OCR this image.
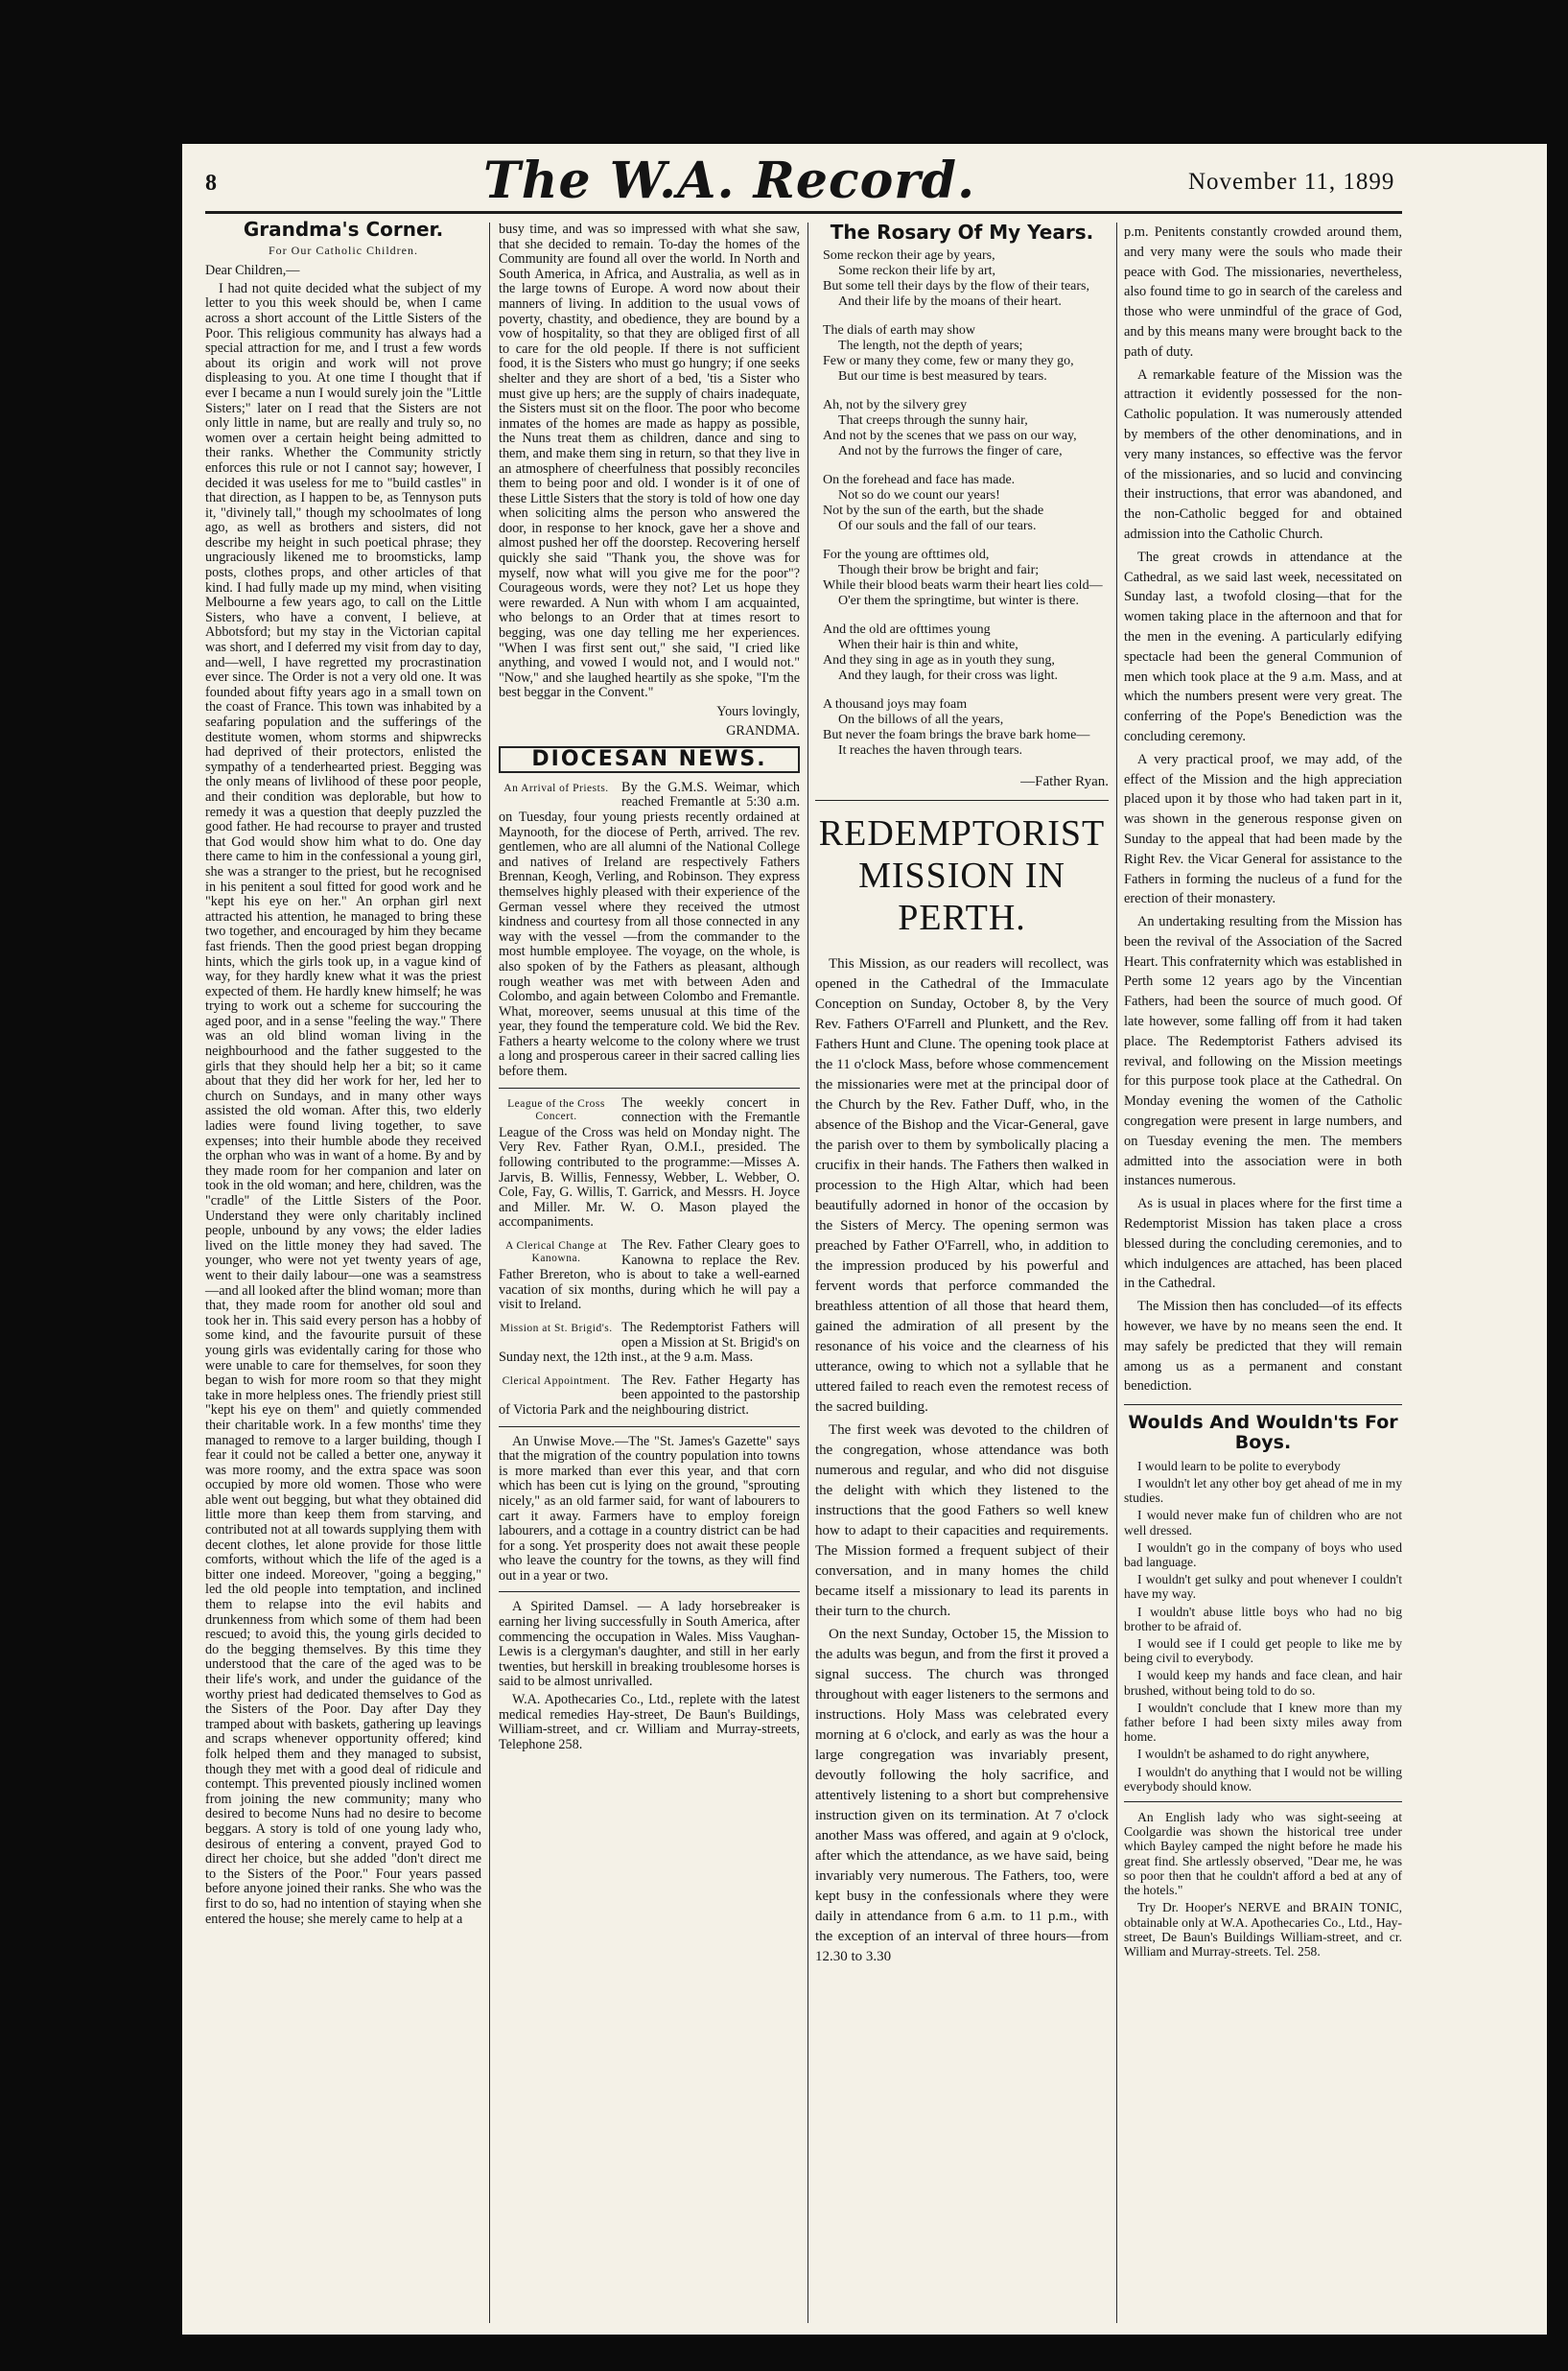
8	The W.A. Record.	November 11, 1899
Grandma's Corner.
For Our Catholic Children.

Dear Children,—

I had not quite decided what the subject of my letter to you this week should be, when I came across a short account of the Little Sisters of the Poor. This religious community has always had a special attraction for me, and I trust a few words about its origin and work will not prove displeasing to you. At one time I thought that if ever I became a nun I would surely join the "Little Sisters;" later on I read that the Sisters are not only little in name, but are really and truly so, no women over a certain height being admitted to their ranks. Whether the Community strictly enforces this rule or not I cannot say; however, I decided it was useless for me to "build castles" in that direction, as I happen to be, as Tennyson puts it, "divinely tall," though my schoolmates of long ago, as well as brothers and sisters, did not describe my height in such poetical phrase; they ungraciously likened me to broomsticks, lamp posts, clothes props, and other articles of that kind. I had fully made up my mind, when visiting Melbourne a few years ago, to call on the Little Sisters, who have a convent, I believe, at Abbotsford; but my stay in the Victorian capital was short, and I deferred my visit from day to day, and—well, I have regretted my procrastination ever since. The Order is not a very old one. It was founded about fifty years ago in a small town on the coast of France. This town was inhabited by a seafaring population and the sufferings of the destitute women, whom storms and shipwrecks had deprived of their protectors, enlisted the sympathy of a tenderhearted priest. Begging was the only means of livlihood of these poor people, and their condition was deplorable, but how to remedy it was a question that deeply puzzled the good father. He had recourse to prayer and trusted that God would show him what to do. One day there came to him in the confessional a young girl, she was a stranger to the priest, but he recognised in his penitent a soul fitted for good work and he "kept his eye on her." An orphan girl next attracted his attention, he managed to bring these two together, and encouraged by him they became fast friends. Then the good priest began dropping hints, which the girls took up, in a vague kind of way, for they hardly knew what it was the priest expected of them. He hardly knew himself; he was trying to work out a scheme for succouring the aged poor, and in a sense "feeling the way." There was an old blind woman living in the neighbourhood and the father suggested to the girls that they should help her a bit; so it came about that they did her work for her, led her to church on Sundays, and in many other ways assisted the old woman. After this, two elderly ladies were found living together, to save expenses; into their humble abode they received the orphan who was in want of a home. By and by they made room for her companion and later on took in the old woman; and here, children, was the "cradle" of the Little Sisters of the Poor. Understand they were only charitably inclined people, unbound by any vows; the elder ladies lived on the little money they had saved. The younger, who were not yet twenty years of age, went to their daily labour—one was a seamstress—and all looked after the blind woman; more than that, they made room for another old soul and took her in. This said every person has a hobby of some kind, and the favourite pursuit of these young girls was evidentally caring for those who were unable to care for themselves, for soon they began to wish for more room so that they might take in more helpless ones. The friendly priest still "kept his eye on them" and quietly commended their charitable work. In a few months' time they managed to remove to a larger building, though I fear it could not be called a better one, anyway it was more roomy, and the extra space was soon occupied by more old women. Those who were able went out begging, but what they obtained did little more than keep them from starving, and contributed not at all towards supplying them with decent clothes, let alone provide for those little comforts, without which the life of the aged is a bitter one indeed. Moreover, "going a begging," led the old people into temptation, and inclined them to relapse into the evil habits and drunkenness from which some of them had been rescued; to avoid this, the young girls decided to do the begging themselves. By this time they understood that the care of the aged was to be their life's work, and under the guidance of the worthy priest had dedicated themselves to God as the Sisters of the Poor. Day after Day they tramped about with baskets, gathering up leavings and scraps whenever opportunity offered; kind folk helped them and they managed to subsist, though they met with a good deal of ridicule and contempt. This prevented piously inclined women from joining the new community; many who desired to become Nuns had no desire to become beggars. A story is told of one young lady who, desirous of entering a convent, prayed God to direct her choice, but she added "don't direct me to the Sisters of the Poor." Four years passed before anyone joined their ranks. She who was the first to do so, had no intention of staying when she entered the house; she merely came to help at a

busy time, and was so impressed with what she saw, that she decided to remain. To-day the homes of the Community are found all over the world. In North and South America, in Africa, and Australia, as well as in the large towns of Europe. A word now about their manners of living. In addition to the usual vows of poverty, chastity, and obedience, they are bound by a vow of hospitality, so that they are obliged first of all to care for the old people. If there is not sufficient food, it is the Sisters who must go hungry; if one seeks shelter and they are short of a bed, 'tis a Sister who must give up hers; are the supply of chairs inadequate, the Sisters must sit on the floor. The poor who become inmates of the homes are made as happy as possible, the Nuns treat them as children, dance and sing to them, and make them sing in return, so that they live in an atmosphere of cheerfulness that possibly reconciles them to being poor and old. I wonder is it of one of these Little Sisters that the story is told of how one day when soliciting alms the person who answered the door, in response to her knock, gave her a shove and almost pushed her off the doorstep. Recovering herself quickly she said "Thank you, the shove was for myself, now what will you give me for the poor"? Courageous words, were they not? Let us hope they were rewarded. A Nun with whom I am acquainted, who belongs to an Order that at times resort to begging, was one day telling me her experiences. "When I was first sent out," she said, "I cried like anything, and vowed I would not, and I would not." "Now," and she laughed heartily as she spoke, "I'm the best beggar in the Convent."

Yours lovingly,
GRANDMA.
DIOCESAN NEWS.
An Arrival of Priests. By the G.M.S. Weimar, which reached Fremantle at 5:30 a.m. on Tuesday, four young priests recently ordained at Maynooth, for the diocese of Perth, arrived. The rev. gentlemen, who are all alumni of the National College and natives of Ireland are respectively Fathers Brennan, Keogh, Verling, and Robinson. They express themselves highly pleased with their experience of the German vessel where they received the utmost kindness and courtesy from all those connected in any way with the vessel —from the commander to the most humble employee. The voyage, on the whole, is also spoken of by the Fathers as pleasant, although rough weather was met with between Aden and Colombo, and again between Colombo and Fremantle. What, moreover, seems unusual at this time of the year, they found the temperature cold. We bid the Rev. Fathers a hearty welcome to the colony where we trust a long and prosperous career in their sacred calling lies before them.
League of the Cross Concert.
The weekly concert in connection with the Fremantle League of the Cross was held on Monday night. The Very Rev. Father Ryan, O.M.I., presided. The following contributed to the programme:—Misses A. Jarvis, B. Willis, Fennessy, Webber, L. Webber, O. Cole, Fay, G. Willis, T. Garrick, and Messrs. H. Joyce and Miller. Mr. W. O. Mason played the accompaniments.
A Clerical Change at Kanowna.
The Rev. Father Cleary goes to Kanowna to replace the Rev. Father Brereton, who is about to take a well-earned vacation of six months, during which he will pay a visit to Ireland.
Mission at St. Brigid's. The Redemptorist Fathers will open a Mission at St. Brigid's on Sunday next, the 12th inst., at the 9 a.m. Mass.
Clerical Appointment. The Rev. Father Hegarty has been appointed to the pastorship of Victoria Park and the neighbouring district.

An Unwise Move.—The "St. James's Gazette" says that the migration of the country population into towns is more marked than ever this year, and that corn which has been cut is lying on the ground, "sprouting nicely," as an old farmer said, for want of labourers to cart it away. Farmers have to employ foreign labourers, and a cottage in a country district can be had for a song. Yet prosperity does not await these people who leave the country for the towns, as they will find out in a year or two.

A Spirited Damsel. — A lady horsebreaker is earning her living successfully in South America, after commencing the occupation in Wales. Miss Vaughan-Lewis is a clergyman's daughter, and still in her early twenties, but herskill in breaking troublesome horses is said to be almost unrivalled.

W.A. Apothecaries Co., Ltd., replete with the latest medical remedies Hay-street, De Baun's Buildings, William-street, and cr. William and Murray-streets, Telephone 258.

The Rosary Of My Years.
Some reckon their age by years,
Some reckon their life by art,
But some tell their days by the flow of their tears,
And their life by the moans of their heart.
The dials of earth may show
The length, not the depth of years;
Few or many they come, few or many they go,
But our time is best measured by tears.
Ah, not by the silvery grey
That creeps through the sunny hair,
And not by the scenes that we pass on our way,
And not by the furrows the finger of care,
On the forehead and face has made.
Not so do we count our years!
Not by the sun of the earth, but the shade
Of our souls and the fall of our tears.
For the young are ofttimes old,
Though their brow be bright and fair;
While their blood beats warm their heart lies cold—
O'er them the springtime, but winter is there.
And the old are ofttimes young
When their hair is thin and white,
And they sing in age as in youth they sung,
And they laugh, for their cross was light.
A thousand joys may foam
On the billows of all the years,
But never the foam brings the brave bark home—
It reaches the haven through tears.
—Father Ryan.
REDEMPTORIST MISSION IN PERTH.

This Mission, as our readers will recollect, was opened in the Cathedral of the Immaculate Conception on Sunday, October 8, by the Very Rev. Fathers O'Farrell and Plunkett, and the Rev. Fathers Hunt and Clune. The opening took place at the 11 o'clock Mass, before whose commencement the missionaries were met at the principal door of the Church by the Rev. Father Duff, who, in the absence of the Bishop and the Vicar-General, gave the parish over to them by symbolically placing a crucifix in their hands. The Fathers then walked in procession to the High Altar, which had been beautifully adorned in honor of the occasion by the Sisters of Mercy. The opening sermon was preached by Father O'Farrell, who, in addition to the impression produced by his powerful and fervent words that perforce commanded the breathless attention of all those that heard them, gained the admiration of all present by the resonance of his voice and the clearness of his utterance, owing to which not a syllable that he uttered failed to reach even the remotest recess of the sacred building.

The first week was devoted to the children of the congregation, whose attendance was both numerous and regular, and who did not disguise the delight with which they listened to the instructions that the good Fathers so well knew how to adapt to their capacities and requirements. The Mission formed a frequent subject of their conversation, and in many homes the child became itself a missionary to lead its parents in their turn to the church.

On the next Sunday, October 15, the Mission to the adults was begun, and from the first it proved a signal success. The church was thronged throughout with eager listeners to the sermons and instructions. Holy Mass was celebrated every morning at 6 o'clock, and early as was the hour a large congregation was invariably present, devoutly following the holy sacrifice, and attentively listening to a short but comprehensive instruction given on its termination. At 7 o'clock another Mass was offered, and again at 9 o'clock, after which the attendance, as we have said, being invariably very numerous. The Fathers, too, were kept busy in the confessionals where they were daily in attendance from 6 a.m. to 11 p.m., with the exception of an interval of three hours—from 12.30 to 3.30

p.m. Penitents constantly crowded around them, and very many were the souls who made their peace with God. The missionaries, nevertheless, also found time to go in search of the careless and those who were unmindful of the grace of God, and by this means many were brought back to the path of duty.

A remarkable feature of the Mission was the attraction it evidently possessed for the non-Catholic population. It was numerously attended by members of the other denominations, and in very many instances, so effective was the fervor of the missionaries, and so lucid and convincing their instructions, that error was abandoned, and the non-Catholic begged for and obtained admission into the Catholic Church.

The great crowds in attendance at the Cathedral, as we said last week, necessitated on Sunday last, a twofold closing—that for the women taking place in the afternoon and that for the men in the evening. A particularly edifying spectacle had been the general Communion of men which took place at the 9 a.m. Mass, and at which the numbers present were very great. The conferring of the Pope's Benediction was the concluding ceremony.

A very practical proof, we may add, of the effect of the Mission and the high appreciation placed upon it by those who had taken part in it, was shown in the generous response given on Sunday to the appeal that had been made by the Right Rev. the Vicar General for assistance to the Fathers in forming the nucleus of a fund for the erection of their monastery.

An undertaking resulting from the Mission has been the revival of the Association of the Sacred Heart. This confraternity which was established in Perth some 12 years ago by the Vincentian Fathers, had been the source of much good. Of late however, some falling off from it had taken place. The Redemptorist Fathers advised its revival, and following on the Mission meetings for this purpose took place at the Cathedral. On Monday evening the women of the Catholic congregation were present in large numbers, and on Tuesday evening the men. The members admitted into the association were in both instances numerous.

As is usual in places where for the first time a Redemptorist Mission has taken place a cross blessed during the concluding ceremonies, and to which indulgences are attached, has been placed in the Cathedral.

The Mission then has concluded—of its effects however, we have by no means seen the end. It may safely be predicted that they will remain among us as a permanent and constant benediction.

Woulds And Wouldn'ts For Boys.

I would learn to be polite to everybody

I wouldn't let any other boy get ahead of me in my studies.

I would never make fun of children who are not well dressed.

I wouldn't go in the company of boys who used bad language.

I wouldn't get sulky and pout whenever I couldn't have my way.

I wouldn't abuse little boys who had no big brother to be afraid of.

I would see if I could get people to like me by being civil to everybody.

I would keep my hands and face clean, and hair brushed, without being told to do so.

I wouldn't conclude that I knew more than my father before I had been sixty miles away from home.

I wouldn't be ashamed to do right anywhere,

I wouldn't do anything that I would not be willing everybody should know.

An English lady who was sight-seeing at Coolgardie was shown the historical tree under which Bayley camped the night before he made his great find. She artlessly observed, "Dear me, he was so poor then that he couldn't afford a bed at any of the hotels."

Try Dr. Hooper's NERVE and BRAIN TONIC, obtainable only at W.A. Apothecaries Co., Ltd., Hay-street, De Baun's Buildings William-street, and cr. William and Murray-streets. Tel. 258.
